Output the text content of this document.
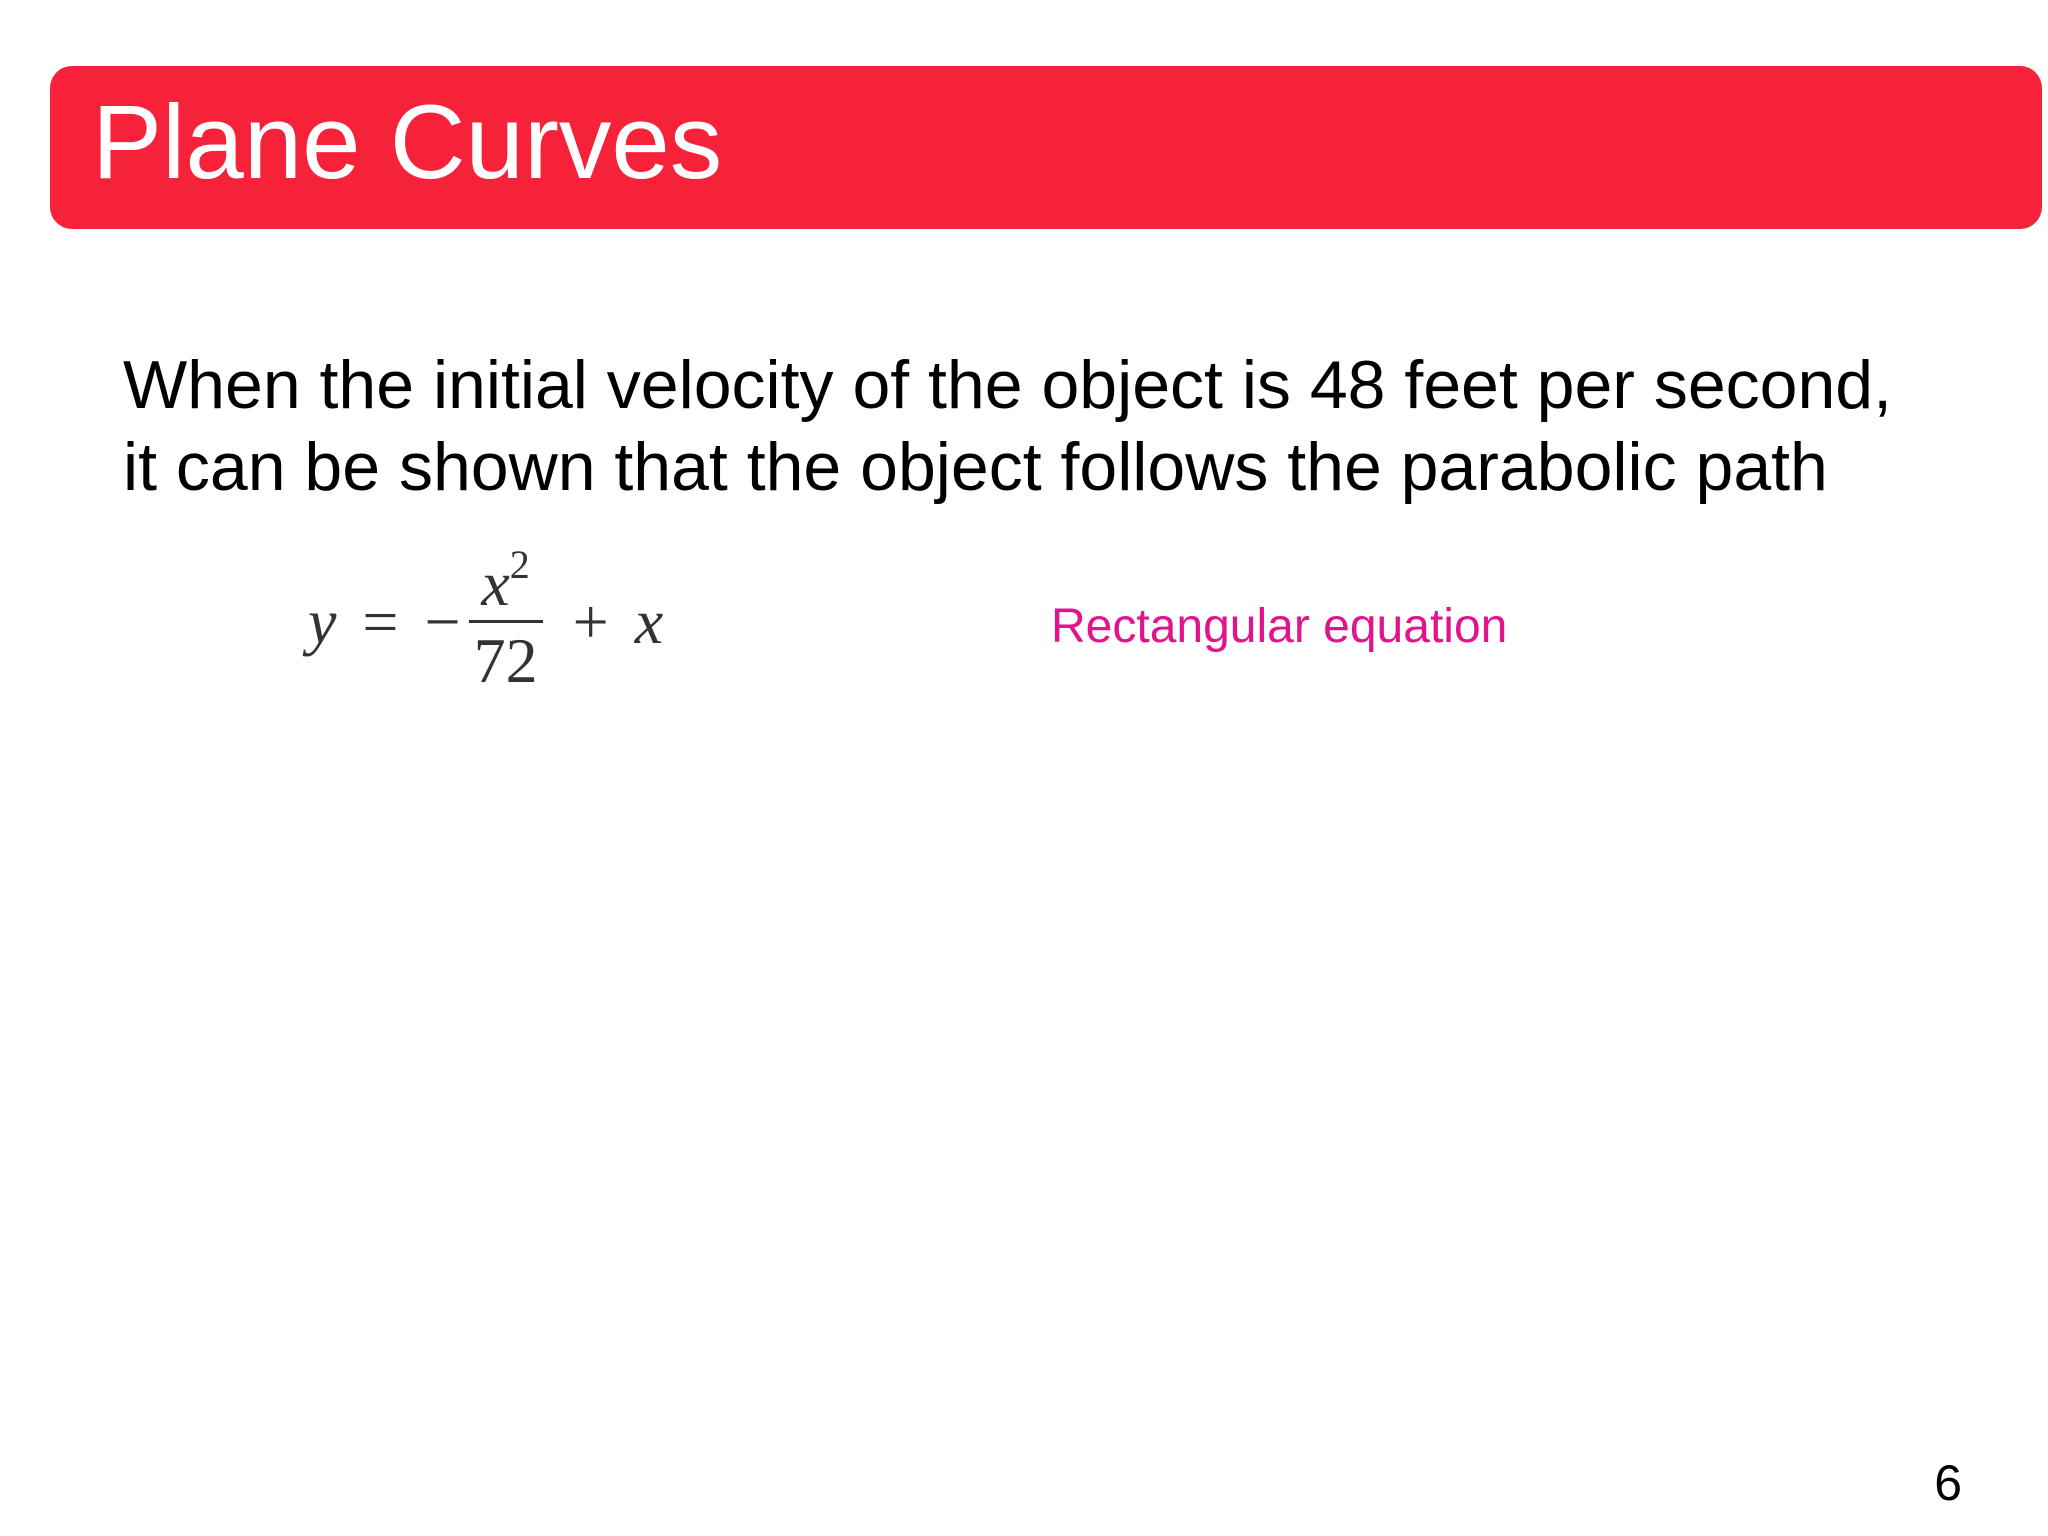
Plane Curves
When the initial velocity of the object is 48 feet per second,
it can be shown that the object follows the parabolic path
y = − $\frac{x^2}{72} + x$	Rectangular equation
6
